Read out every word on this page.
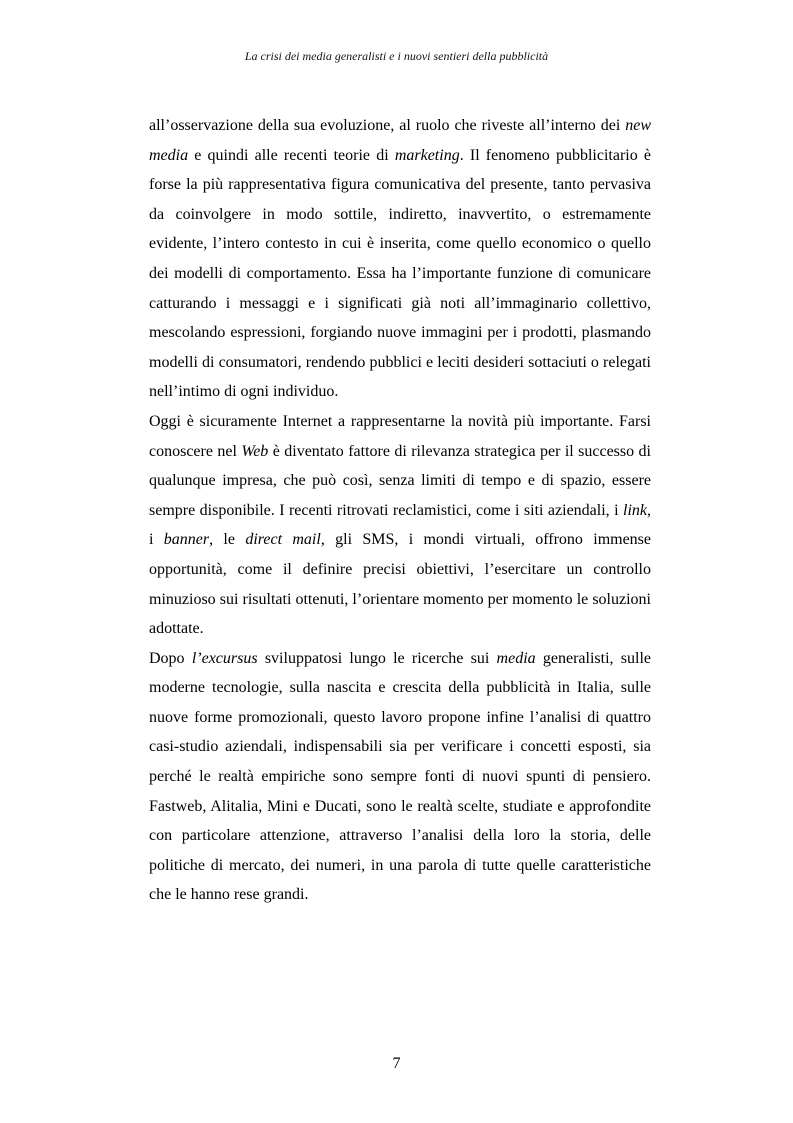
La crisi dei media generalisti e i nuovi sentieri della pubblicità

all’osservazione della sua evoluzione, al ruolo che riveste all’interno dei new media e quindi alle recenti teorie di marketing. Il fenomeno pubblicitario è forse la più rappresentativa figura comunicativa del presente, tanto pervasiva da coinvolgere in modo sottile, indiretto, inavvertito, o estremamente evidente, l’intero contesto in cui è inserita, come quello economico o quello dei modelli di comportamento. Essa ha l’importante funzione di comunicare catturando i messaggi e i significati già noti all’immaginario collettivo, mescolando espressioni, forgiando nuove immagini per i prodotti, plasmando modelli di consumatori, rendendo pubblici e leciti desideri sottaciuti o relegati nell’intimo di ogni individuo.

Oggi è sicuramente Internet a rappresentarne la novità più importante. Farsi conoscere nel Web è diventato fattore di rilevanza strategica per il successo di qualunque impresa, che può così, senza limiti di tempo e di spazio, essere sempre disponibile. I recenti ritrovati reclamistici, come i siti aziendali, i link, i banner, le direct mail, gli SMS, i mondi virtuali, offrono immense opportunità, come il definire precisi obiettivi, l’esercitare un controllo minuzioso sui risultati ottenuti, l’orientare momento per momento le soluzioni adottate.

Dopo l’excursus sviluppatosi lungo le ricerche sui media generalisti, sulle moderne tecnologie, sulla nascita e crescita della pubblicità in Italia, sulle nuove forme promozionali, questo lavoro propone infine l’analisi di quattro casi-studio aziendali, indispensabili sia per verificare i concetti esposti, sia perché le realtà empiriche sono sempre fonti di nuovi spunti di pensiero. Fastweb, Alitalia, Mini e Ducati, sono le realtà scelte, studiate e approfondite con particolare attenzione, attraverso l’analisi della loro la storia, delle politiche di mercato, dei numeri, in una parola di tutte quelle caratteristiche che le hanno rese grandi.

7
